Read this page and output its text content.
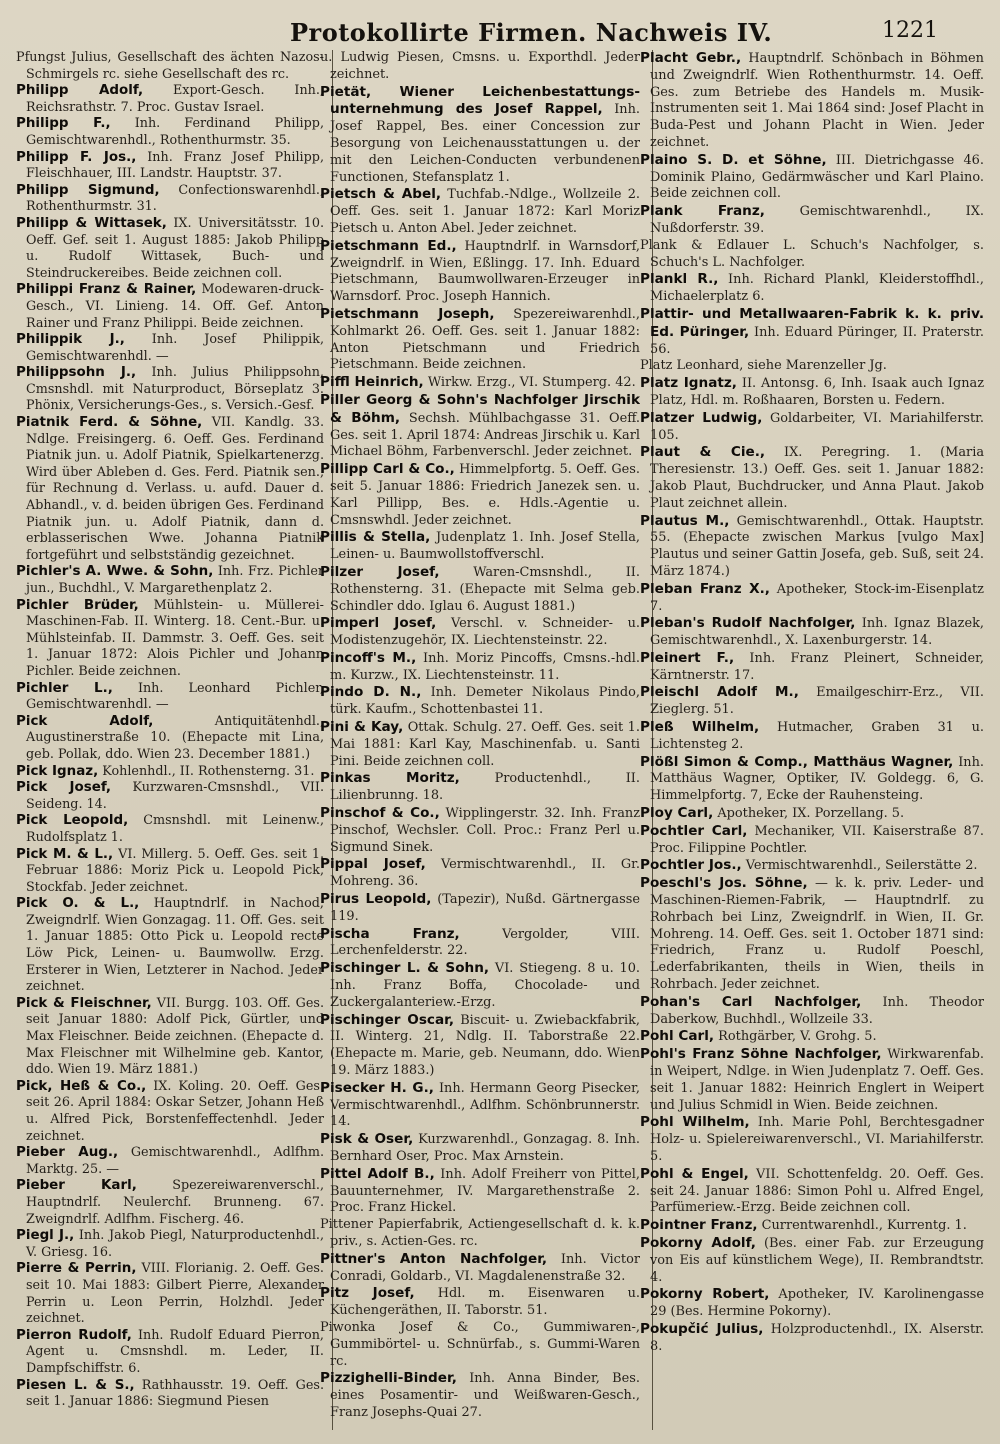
Protokollirte Firmen. Nachweis IV.	1221

Pfungst Julius, Gesellschaft des ächten Nazos-Schmirgels rc. siehe Gesellschaft des rc.

Philipp Adolf, Export-Gesch. Inh., Reichsrathstr. 7. Proc. Gustav Israel.

Philipp F., Inh. Ferdinand Philipp, Gemischtwarenhdl., Rothenthurmstr. 35.

Philipp F. Jos., Inh. Franz Josef Philipp, Fleischhauer, III. Landstr. Hauptstr. 37.

Philipp Sigmund, Confectionswarenhdl., Rothenthurmstr. 31.

Philipp & Wittasek, IX. Universitätsstr. 10. Oeff. Gef. seit 1. August 1885: Jakob Philipp u. Rudolf Wittasek, Buch- und Steindruckereibes. Beide zeichnen coll.

Philippi Franz & Rainer, Modewaren-druck-Gesch., VI. Linieng. 14. Off. Gef. Anton Rainer und Franz Philippi. Beide zeichnen.

Philippik J., Inh. Josef Philippik, Gemischtwarenhdl. —

Philippsohn J., Inh. Julius Philippsohn, Cmsnshdl. mit Naturproduct, Börseplatz 3. Phönix, Versicherungs-Ges., s. Versich.-Gesf.

Piatnik Ferd. & Söhne, VII. Kandlg. 33. Ndlge. Freisingerg. 6. Oeff. Ges. Ferdinand Piatnik jun. u. Adolf Piatnik, Spielkartenerzg. Wird über Ableben d. Ges. Ferd. Piatnik sen., für Rechnung d. Verlass. u. aufd. Dauer d. Abhandl., v. d. beiden übrigen Ges. Ferdinand Piatnik jun. u. Adolf Piatnik, dann d. erblasserischen Wwe. Johanna Piatnik fortgeführt und selbstständig gezeichnet.

Pichler's A. Wwe. & Sohn, Inh. Frz. Pichler jun., Buchdhl., V. Margarethenplatz 2.

Pichler Brüder, Mühlstein- u. Müllerei-Maschinen-Fab. II. Winterg. 18. Cent.-Bur. u. Mühlsteinfab. II. Dammstr. 3. Oeff. Ges. seit 1. Januar 1872: Alois Pichler und Johann Pichler. Beide zeichnen.

Pichler L., Inh. Leonhard Pichler, Gemischtwarenhdl. —

Pick Adolf,	Antiquitätenhdl., Augustinerstraße 10. (Ehepacte mit Lina, geb. Pollak, ddo. Wien 23. December 1881.)

Pick Ignaz, Kohlenhdl., II. Rothensterng. 31.

Pick Josef, Kurzwaren-Cmsnshdl., VII. Seideng. 14.

Pick Leopold, Cmsnshdl. mit Leinenw., Rudolfsplatz 1.

Pick M. & L., VI. Millerg. 5. Oeff. Ges. seit 1. Februar 1886: Moriz Pick u. Leopold Pick, Stockfab. Jeder zeichnet.

Pick O. & L., Hauptndrlf. in Nachod, Zweigndrlf. Wien Gonzagag. 11. Off. Ges. seit 1. Januar 1885: Otto Pick u. Leopold recte Löw Pick, Leinen- u. Baumwollw. Erzg. Ersterer in Wien, Letzterer in Nachod. Jeder zeichnet.

Pick & Fleischner, VII. Burgg. 103. Off. Ges. seit Januar 1880: Adolf Pick, Gürtler, und Max Fleischner. Beide zeichnen. (Ehepacte d. Max Fleischner mit Wilhelmine geb. Kantor, ddo. Wien 19. März 1881.)

Pick, Heß & Co., IX. Koling. 20. Oeff. Ges. seit 26. April 1884: Oskar Setzer, Johann Heß u. Alfred Pick, Borstenfeffectenhdl. Jeder zeichnet.

Pieber Aug., Gemischtwarenhdl., Adlfhm. Marktg. 25. —

Pieber Karl,	Spezereiwarenverschl., Hauptndrlf. Neulerchf. Brunneng. 67. Zweigndrlf. Adlfhm. Fischerg. 46.

Piegl J., Inh. Jakob Piegl, Naturproductenhdl., V. Griesg. 16.

Pierre & Perrin, VIII. Florianig. 2. Oeff. Ges. seit 10. Mai 1883: Gilbert Pierre, Alexander Perrin u. Leon Perrin, Holzhdl. Jeder zeichnet.

Pierron Rudolf, Inh. Rudolf Eduard Pierron, Agent u. Cmsnshdl. m. Leder, II. Dampfschiffstr. 6.

Piesen L. & S., Rathhausstr. 19. Oeff. Ges. seit 1. Januar 1886: Siegmund Piesen

u. Ludwig Piesen, Cmsns. u. Exporthdl. Jeder zeichnet.

Pietät, Wiener Leichenbestattungs-unternehmung des Josef Rappel, Inh. Josef Rappel, Bes. einer Concession zur Besorgung von Leichenausstattungen u. der mit den Leichen-Conducten verbundenen Functionen, Stefansplatz 1.

Pietsch & Abel, Tuchfab.-Ndlge., Wollzeile 2. Oeff. Ges. seit 1. Januar 1872: Karl Moriz Pietsch u. Anton Abel. Jeder zeichnet.

Pietschmann Ed., Hauptndrlf. in Warnsdorf, Zweigndrlf. in Wien, Eßlingg. 17. Inh. Eduard Pietschmann, Baumwollwaren-Erzeuger in Warnsdorf. Proc. Joseph Hannich.

Pietschmann Joseph, Spezereiwarenhdl., Kohlmarkt 26. Oeff. Ges. seit 1. Januar 1882: Anton Pietschmann und Friedrich Pietschmann. Beide zeichnen.

Piffl Heinrich, Wirkw. Erzg., VI. Stumperg. 42.

Piller Georg & Sohn's Nachfolger Jirschik & Böhm, Sechsh. Mühlbachgasse 31. Oeff. Ges. seit 1. April 1874: Andreas Jirschik u. Karl Michael Böhm, Farbenverschl. Jeder zeichnet.

Pillipp Carl & Co., Himmelpfortg. 5. Oeff. Ges. seit 5. Januar 1886: Friedrich Janezek sen. u. Karl Pillipp, Bes. e. Hdls.-Agentie u. Cmsnswhdl. Jeder zeichnet.

Pillis & Stella, Judenplatz 1. Inh. Josef Stella, Leinen- u. Baumwollstoffverschl.

Pilzer Josef,	Waren-Cmsnshdl., II. Rothensterng. 31. (Ehepacte mit Selma geb. Schindler ddo. Iglau 6. August 1881.)

Pimperl Josef, Verschl. v. Schneider- u. Modistenzugehör, IX. Liechtensteinstr. 22.

Pincoff's M., Inh. Moriz Pincoffs, Cmsns.-hdl. m. Kurzw., IX. Liechtensteinstr. 11.

Pindo D. N., Inh. Demeter Nikolaus Pindo, türk. Kaufm., Schottenbastei 11.

Pini & Kay, Ottak. Schulg. 27. Oeff. Ges. seit 1. Mai 1881: Karl Kay, Maschinenfab. u. Santi Pini. Beide zeichnen coll.

Pinkas Moritz,	Productenhdl., II. Lilienbrunng. 18.

Pinschof & Co., Wipplingerstr. 32. Inh. Franz Pinschof, Wechsler. Coll. Proc.: Franz Perl u. Sigmund Sinek.

Pippal Josef, Vermischtwarenhdl., II. Gr. Mohreng. 36.

Pirus Leopold, (Tapezir), Nußd. Gärtnergasse 119.

Pischa Franz,	Vergolder, VIII. Lerchenfelderstr. 22.

Pischinger L. & Sohn, VI. Stiegeng. 8 u. 10. Inh. Franz Boffa, Chocolade- und Zuckergalanteriew.-Erzg.

Pischinger Oscar, Biscuit- u. Zwiebackfabrik, II. Winterg. 21, Ndlg. II. Taborstraße 22. (Ehepacte m. Marie, geb. Neumann, ddo. Wien 19. März 1883.)

Pisecker H. G., Inh. Hermann Georg Pisecker, Vermischtwarenhdl., Adlfhm. Schönbrunnerstr. 14.

Pisk & Oser, Kurzwarenhdl., Gonzagag. 8. Inh. Bernhard Oser, Proc. Max Arnstein.

Pittel Adolf B., Inh. Adolf Freiherr von Pittel, Bauunternehmer, IV. Margarethenstraße 2. Proc. Franz Hickel.

Pittener Papierfabrik, Actiengesellschaft d. k. k. priv., s. Actien-Ges. rc.

Pittner's Anton Nachfolger, Inh. Victor Conradi, Goldarb., VI. Magdalenenstraße 32.

Pitz Josef, Hdl. m. Eisenwaren u. Küchengeräthen, II. Taborstr. 51.

Piwonka Josef & Co., Gummiwaren-, Gummibörtel- u. Schnürfab., s. Gummi-Waren rc.

Pizzighelli-Binder, Inh. Anna Binder, Bes. eines Posamentir- und Weißwaren-Gesch., Franz Josephs-Quai 27.

Placht Gebr., Hauptndrlf. Schönbach in Böhmen und Zweigndrlf. Wien Rothenthurmstr. 14. Oeff. Ges. zum Betriebe des Handels m. Musik-Instrumenten seit 1. Mai 1864 sind: Josef Placht in Buda-Pest und Johann Placht in Wien. Jeder zeichnet.

Plaino S. D. et Söhne, III. Dietrichgasse 46. Dominik Plaino, Gedärmwäscher und Karl Plaino. Beide zeichnen coll.

Plank Franz,	Gemischtwarenhdl., IX. Nußdorferstr. 39.

Plank & Edlauer L. Schuch's Nachfolger, s. Schuch's L. Nachfolger.

Plankl R., Inh. Richard Plankl, Kleiderstoffhdl., Michaelerplatz 6.

Plattir- und Metallwaaren-Fabrik k. k. priv. Ed. Püringer, Inh. Eduard Püringer, II. Praterstr. 56.

Platz Leonhard, siehe Marenzeller Jg.

Platz Ignatz, II. Antonsg. 6, Inh. Isaak auch Ignaz Platz, Hdl. m. Roßhaaren, Borsten u. Federn.

Platzer Ludwig, Goldarbeiter, VI. Mariahilferstr. 105.

Plaut & Cie., IX. Peregring. 1. (Maria Theresienstr. 13.) Oeff. Ges. seit 1. Januar 1882: Jakob Plaut, Buchdrucker, und Anna Plaut. Jakob Plaut zeichnet allein.

Plautus M., Gemischtwarenhdl., Ottak. Hauptstr. 55. (Ehepacte zwischen Markus [vulgo Max] Plautus und seiner Gattin Josefa, geb. Suß, seit 24. März 1874.)

Pleban Franz X., Apotheker, Stock-im-Eisenplatz 7.

Pleban's Rudolf Nachfolger, Inh. Ignaz Blazek, Gemischtwarenhdl., X. Laxenburgerstr. 14.

Pleinert F., Inh. Franz Pleinert, Schneider, Kärntnerstr. 17.

Pleischl Adolf M., Emailgeschirr-Erz., VII. Zieglerg. 51.

Pleß Wilhelm, Hutmacher, Graben 31 u. Lichtensteg 2.

Plößl Simon & Comp., Matthäus Wagner, Inh. Matthäus Wagner, Optiker, IV. Goldegg. 6, G. Himmelpfortg. 7, Ecke der Rauhensteing.

Ploy Carl, Apotheker, IX. Porzellang. 5.

Pochtler Carl, Mechaniker, VII. Kaiserstraße 87. Proc. Filippine Pochtler.

Pochtler Jos., Vermischtwarenhdl., Seilerstätte 2.

Poeschl's Jos. Söhne, — k. k. priv. Leder- und Maschinen-Riemen-Fabrik, — Hauptndrlf. zu Rohrbach bei Linz, Zweigndrlf. in Wien, II. Gr. Mohreng. 14. Oeff. Ges. seit 1. October 1871 sind: Friedrich, Franz u. Rudolf Poeschl, Lederfabrikanten, theils in Wien, theils in Rohrbach. Jeder zeichnet.

Pohan's Carl Nachfolger, Inh. Theodor Daberkow, Buchhdl., Wollzeile 33.

Pohl Carl, Rothgärber, V. Grohg. 5.

Pohl's Franz Söhne Nachfolger, Wirkwarenfab. in Weipert, Ndlge. in Wien Judenplatz 7. Oeff. Ges. seit 1. Januar 1882: Heinrich Englert in Weipert und Julius Schmidl in Wien. Beide zeichnen.

Pohl Wilhelm, Inh. Marie Pohl, Berchtesgadner Holz- u. Spielereiwarenverschl., VI. Mariahilferstr. 5.

Pohl & Engel, VII. Schottenfeldg. 20. Oeff. Ges. seit 24. Januar 1886: Simon Pohl u. Alfred Engel, Parfümeriew.-Erzg. Beide zeichnen coll.

Pointner Franz, Currentwarenhdl., Kurrentg. 1.

Pokorny Adolf, (Bes. einer Fab. zur Erzeugung von Eis auf künstlichem Wege), II. Rembrandtstr. 4.

Pokorny Robert, Apotheker, IV. Karolinengasse 29 (Bes. Hermine Pokorny).

Pokupčić Julius, Holzproductenhdl., IX. Alserstr. 8.
